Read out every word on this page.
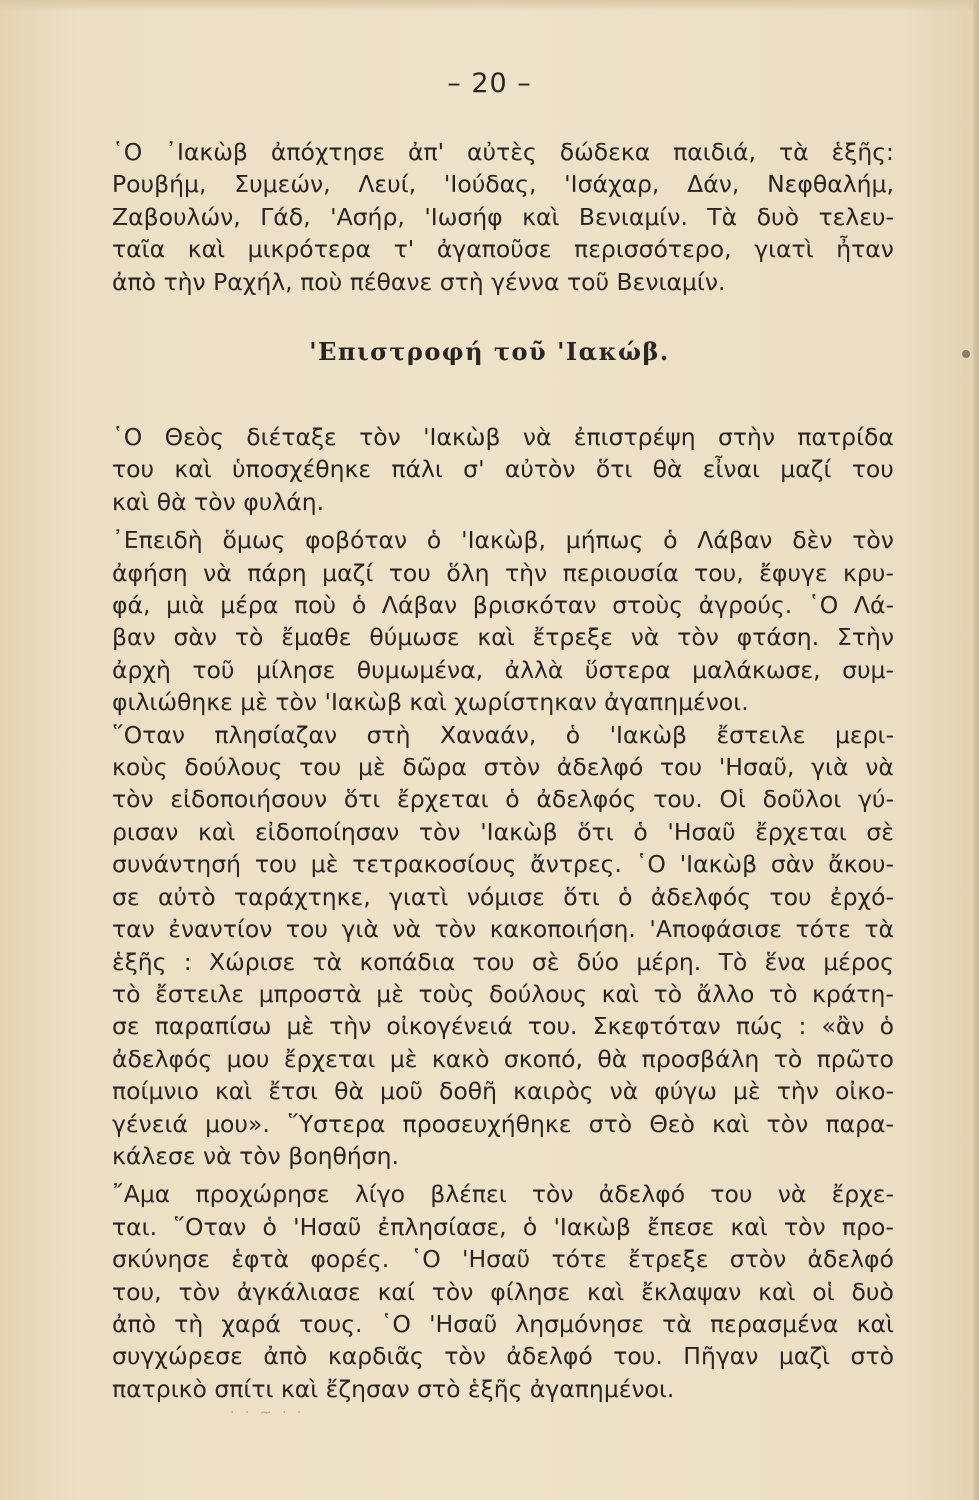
– 20 –
῾Ο ᾿Ιακὼβ ἀπόχτησε ἀπ' αὐτὲς δώδεκα παιδιά, τὰ ἑξῆς:
Ρουβήμ, Συμεών, Λευί, 'Ιούδας, 'Ισάχαρ, Δάν, Νεφθαλήμ,
Ζαβουλών, Γάδ, 'Ασήρ, 'Ιωσήφ καὶ Βενιαμίν. Τὰ δυὸ τελευ-
ταῖα καὶ μικρότερα τ' ἀγαποῦσε περισσότερο, γιατὶ ἦταν
ἀπὸ τὴν Ραχήλ, ποὺ πέθανε στὴ γέννα τοῦ Βενιαμίν.
'Επιστροφή τοῦ 'Ιακώβ.
῾Ο Θεὸς διέταξε τὸν 'Ιακὼβ νὰ ἐπιστρέψη στὴν πατρίδα
του καὶ ὑποσχέθηκε πάλι σ' αὐτὸν ὅτι θὰ εἶναι μαζί του
καὶ θὰ τὸν φυλάη.
᾿Επειδὴ ὅμως φοβόταν ὁ 'Ιακὼβ, μήπως ὁ Λάβαν δὲν τὸν
ἀφήση νὰ πάρη μαζί του ὅλη τὴν περιουσία του, ἔφυγε κρυ-
φά, μιὰ μέρα ποὺ ὁ Λάβαν βρισκόταν στοὺς ἀγρούς. ῾Ο Λά-
βαν σὰν τὸ ἔμαθε θύμωσε καὶ ἔτρεξε νὰ τὸν φτάση. Στὴν
ἀρχὴ τοῦ μίλησε θυμωμένα, ἀλλὰ ὕστερα μαλάκωσε, συμ-
φιλιώθηκε μὲ τὸν 'Ιακὼβ καὶ χωρίστηκαν ἀγαπημένοι.
῞Οταν πλησίαζαν στὴ Χαναάν, ὁ 'Ιακὼβ ἔστειλε μερι-
κοὺς δούλους του μὲ δῶρα στὸν ἀδελφό του 'Ησαῦ, γιὰ νὰ
τὸν εἰδοποιήσουν ὅτι ἔρχεται ὁ ἀδελφός του. Οἱ δοῦλοι γύ-
ρισαν καὶ εἰδοποίησαν τὸν 'Ιακὼβ ὅτι ὁ 'Ησαῦ ἔρχεται σὲ
συνάντησή του μὲ τετρακοσίους ἄντρες. ῾Ο 'Ιακὼβ σὰν ἄκου-
σε αὐτὸ ταράχτηκε, γιατὶ νόμισε ὅτι ὁ ἀδελφός του ἐρχό-
ταν ἐναντίον του γιὰ νὰ τὸν κακοποιήση. 'Αποφάσισε τότε τὰ
ἑξῆς : Χώρισε τὰ κοπάδια του σὲ δύο μέρη. Τὸ ἕνα μέρος
τὸ ἔστειλε μπροστὰ μὲ τοὺς δούλους καὶ τὸ ἄλλο τὸ κράτη-
σε παραπίσω μὲ τὴν οἰκογένειά του. Σκεφτόταν πώς : «ἂν ὁ
ἀδελφός μου ἔρχεται μὲ κακὸ σκοπό, θὰ προσβάλη τὸ πρῶτο
ποίμνιο καὶ ἔτσι θὰ μοῦ δοθῆ καιρὸς νὰ φύγω μὲ τὴν οἰκο-
γένειά μου». ῞Υστερα προσευχήθηκε στὸ Θεὸ καὶ τὸν παρα-
κάλεσε νὰ τὸν βοηθήση.
῎Αμα προχώρησε λίγο βλέπει τὸν ἀδελφό του νὰ ἔρχε-
ται. ῞Οταν ὁ 'Ησαῦ ἐπλησίασε, ὁ 'Ιακὼβ ἔπεσε καὶ τὸν προ-
σκύνησε ἑφτὰ φορές. ῾Ο 'Ησαῦ τότε ἔτρεξε στὸν ἀδελφό
του, τὸν ἀγκάλιασε καί τὸν φίλησε καὶ ἔκλαψαν καὶ οἱ δυὸ
ἀπὸ τὴ χαρά τους. ῾Ο 'Ησαῦ λησμόνησε τὰ περασμένα καὶ
συγχώρεσε ἀπὸ καρδιᾶς τὸν ἀδελφό του. Πῆγαν μαζὶ στὸ
πατρικὸ σπίτι καὶ ἔζησαν στὸ ἑξῆς ἀγαπημένοι.
· · ~ · ·
